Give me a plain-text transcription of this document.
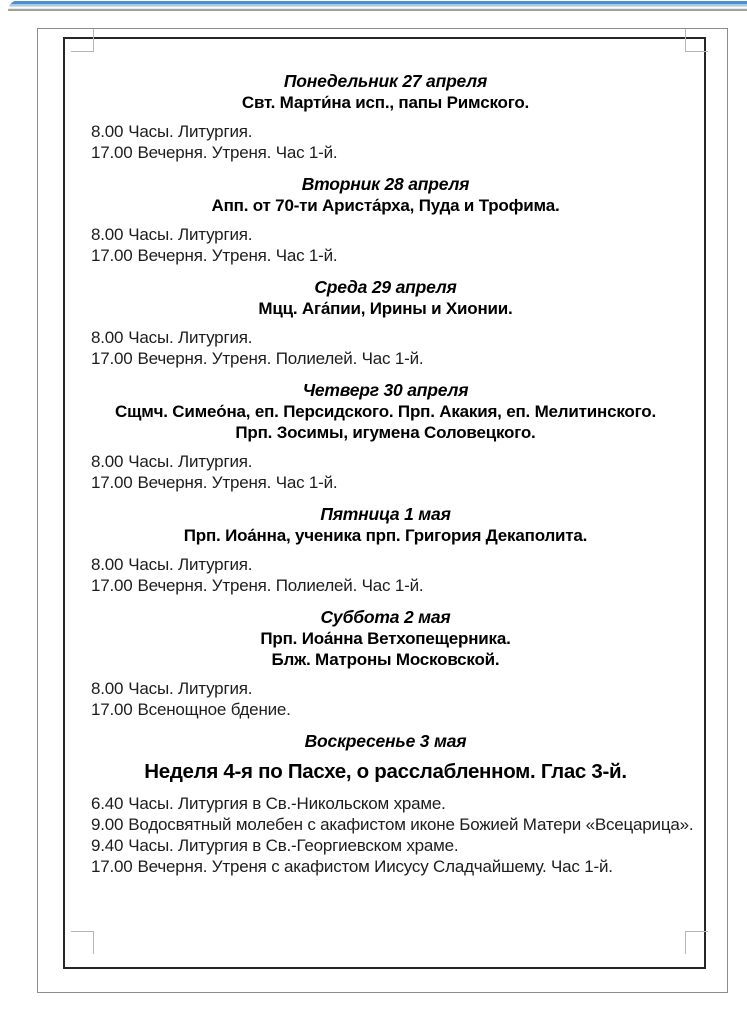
Понедельник 27 апреля

Свт. Марти́на исп., папы Римского.

8.00 Часы. Литургия.
17.00 Вечерня. Утреня. Час 1-й.
Вторник 28 апреля

Апп. от 70-ти Ариста́рха, Пуда и Трофима.

8.00 Часы. Литургия.
17.00 Вечерня. Утреня. Час 1-й.
Среда 29 апреля

Мцц. Ага́пии, Ирины и Хионии.

8.00 Часы. Литургия.
17.00 Вечерня. Утреня. Полиелей. Час 1-й.
Четверг 30 апреля

Сщмч. Симео́на, еп. Персидского. Прп. Акакия, еп. Мелитинского.

Прп. Зосимы, игумена Соловецкого.

8.00 Часы. Литургия.
17.00 Вечерня. Утреня. Час 1-й.
Пятница 1 мая

Прп. Иоа́нна, ученика прп. Григория Декаполита.

8.00 Часы. Литургия.
17.00 Вечерня. Утреня. Полиелей. Час 1-й.
Суббота 2 мая

Прп. Иоа́нна Ветхопещерника.

Блж. Матроны Московской.

8.00 Часы. Литургия.
17.00 Всенощное бдение.
Воскресенье 3 мая

Неделя 4-я по Пасхе, о расслабленном. Глас 3-й.

6.40 Часы. Литургия в Св.-Никольском храме.
9.00 Водосвятный молебен с акафистом иконе Божией Матери «Всецарица».
9.40 Часы. Литургия в Св.-Георгиевском храме.
17.00 Вечерня. Утреня с акафистом Иисусу Сладчайшему. Час 1-й.
